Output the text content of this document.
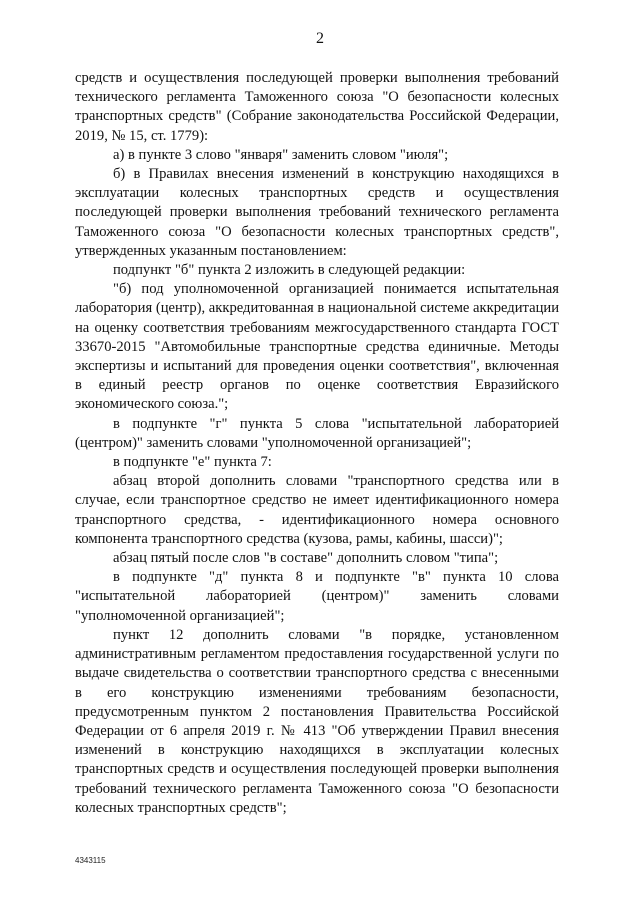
2

средств и осуществления последующей проверки выполнения требований технического регламента Таможенного союза "О безопасности колесных транспортных средств" (Собрание законодательства Российской Федерации, 2019, № 15, ст. 1779):

а) в пункте 3 слово "января" заменить словом "июля";

б) в Правилах внесения изменений в конструкцию находящихся в эксплуатации колесных транспортных средств и осуществления последующей проверки выполнения требований технического регламента Таможенного союза "О безопасности колесных транспортных средств", утвержденных указанным постановлением:

подпункт "б" пункта 2 изложить в следующей редакции:

"б) под уполномоченной организацией понимается испытательная лаборатория (центр), аккредитованная в национальной системе аккредитации на оценку соответствия требованиям межгосударственного стандарта ГОСТ 33670-2015 "Автомобильные транспортные средства единичные. Методы экспертизы и испытаний для проведения оценки соответствия", включенная в единый реестр органов по оценке соответствия Евразийского экономического союза.";

в подпункте "г" пункта 5 слова "испытательной лабораторией (центром)" заменить словами "уполномоченной организацией";

в подпункте "е" пункта 7:

абзац второй дополнить словами "транспортного средства или в случае, если транспортное средство не имеет идентификационного номера транспортного средства, - идентификационного номера основного компонента транспортного средства (кузова, рамы, кабины, шасси)";

абзац пятый после слов "в составе" дополнить словом "типа";

в подпункте "д" пункта 8 и подпункте "в" пункта 10 слова "испытательной лабораторией (центром)" заменить словами "уполномоченной организацией";

пункт 12 дополнить словами "в порядке, установленном административным регламентом предоставления государственной услуги по выдаче свидетельства о соответствии транспортного средства с внесенными в его конструкцию изменениями требованиям безопасности, предусмотренным пунктом 2 постановления Правительства Российской Федерации от 6 апреля 2019 г. № 413 "Об утверждении Правил внесения изменений в конструкцию находящихся в эксплуатации колесных транспортных средств и осуществления последующей проверки выполнения требований технического регламента Таможенного союза "О безопасности колесных транспортных средств";

4343115
